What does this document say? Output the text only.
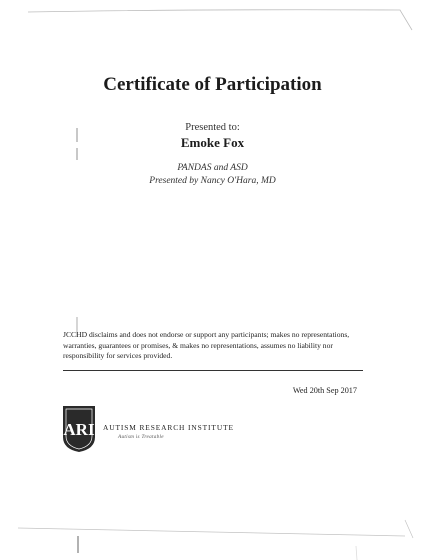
Certificate of Participation
Presented to:
Emoke Fox
PANDAS and ASD
Presented by Nancy O'Hara, MD
JCCHD disclaims and does not endorse or support any participants; makes no representations, warranties, guarantees or promises, & makes no representations, assumes no liability nor responsibility for services provided.
Wed 20th Sep 2017
ARI AUTISM RESEARCH INSTITUTE
Autism is Treatable
